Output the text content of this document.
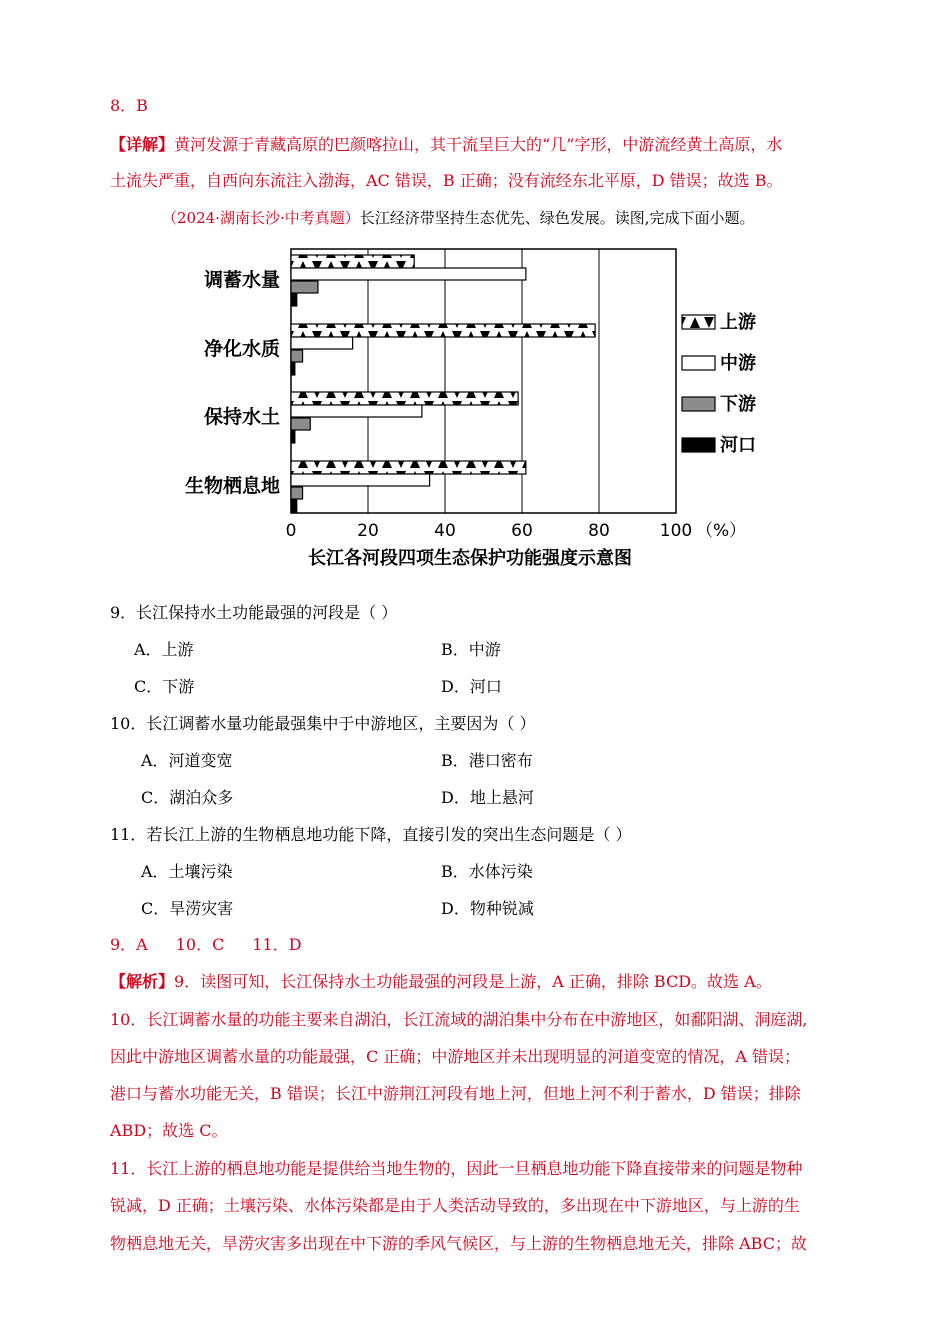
8．B
【详解】黄河发源于青藏高原的巴颜喀拉山，其干流呈巨大的“几”字形，中游流经黄土高原，水
土流失严重，自西向东流注入渤海，AC 错误，B 正确；没有流经东北平原，D 错误；故选 B。
（2024·湖南长沙·中考真题）长江经济带坚持生态优先、绿色发展。读图,完成下面小题。
0	20	40	60	80	100 （%）
长江各河段四项生态保护功能强度示意图
调蓄水量
净化水质
保持水土
生物栖息地
上游
中游
下游
河口
9．长江保持水土功能最强的河段是（ ）
A．上游	B．中游
C．下游	D．河口
10．长江调蓄水量功能最强集中于中游地区，主要因为（ ）
A．河道变宽	B．港口密布
C．湖泊众多	D．地上悬河
11．若长江上游的生物栖息地功能下降，直接引发的突出生态问题是（ ）
A．土壤污染	B．水体污染
C．旱涝灾害	D．物种锐减
9．A 10．C 11．D
【解析】9．读图可知，长江保持水土功能最强的河段是上游，A 正确，排除 BCD。故选 A。
10．长江调蓄水量的功能主要来自湖泊，长江流域的湖泊集中分布在中游地区，如鄱阳湖、洞庭湖,
因此中游地区调蓄水量的功能最强，C 正确；中游地区并未出现明显的河道变宽的情况，A 错误；
港口与蓄水功能无关，B 错误；长江中游荆江河段有地上河，但地上河不利于蓄水，D 错误；排除
ABD；故选 C。
11．长江上游的栖息地功能是提供给当地生物的，因此一旦栖息地功能下降直接带来的问题是物种
锐减，D 正确；土壤污染、水体污染都是由于人类活动导致的，多出现在中下游地区，与上游的生
物栖息地无关，旱涝灾害多出现在中下游的季风气候区，与上游的生物栖息地无关，排除 ABC；故
